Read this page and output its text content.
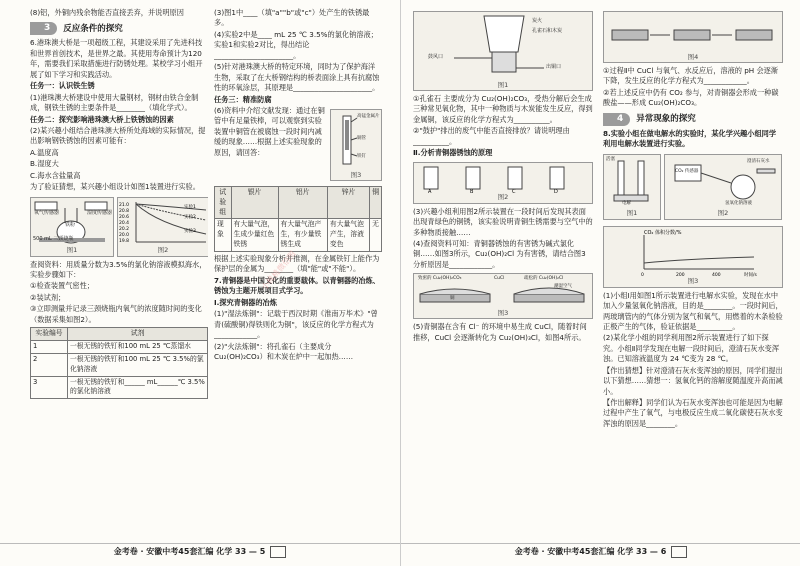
(8)铝，外铜内残余物能否直接丢弃，并说明原因

3	反应条件的探究

6.港珠澳大桥是一项超级工程，其建设采用了先进科技和世界首创技术，是世界之最。其使用寿命预计为120年，需要我们采取措施进行防锈处理。某校学习小组开展了如下学习和实践活动。

任务一：认识铁生锈

(1)港珠澳大桥建设中使用大量钢材，钢材由铁合金制成，钢铁生锈的主要条件是________（填化学式）。

任务二：探究影响港珠澳大桥上铁锈蚀的因素

(2)某兴趣小组结合港珠澳大桥所处海域的实际情况，提出影响钢铁锈蚀的因素可能有：

A.温度高

B.湿度大

C.海水含盐量高

为了验证猜想，某兴趣小组设计如图1装置进行实验。

氧气传感器
500 mL 三颈烧瓶
湿度传感器
铁粉
图1
21.0
20.8
20.6
20.4
20.2
20.0
19.8
实验1
实验2
实验3
图2

查阅资料：用质量分数为3.5%的氯化钠溶液模拟海水，实验步骤如下：

①检查装置气密性；

②装试剂；

③立即测量并记录三颈烧瓶内氧气的浓度随时间的变化（数据采集如图2）。

实验编号	试剂
1	一根无锈的铁钉和100 mL 25 ℃蒸馏水
2	一根无锈的铁钉和100 mL 25 ℃ 3.5%的氯化钠溶液
3	一根无锈的铁钉和______ mL______℃ 3.5%的氯化钠溶液

(3)图1中____（填"a""b"或"c"）处产生的铁锈最多。

(4)实验2中是____ mL 25 ℃ 3.5%的氯化钠溶液；实验1和实验2对比，得出结论______________________。

(5)针对港珠澳大桥的特定环境，同时为了保护海洋生物，采取了在大桥钢结构的桥表面涂上具有抗腐蚀性的环氧涂层，其原理是______________________。

任务三：精准防腐

(6)资料中介绍文献发现：通过在铜管中有足量铁棒，可以观察到实验装置中铜管在被腐蚀一段时间内减缓的现象……根据上述实验现象的原因，请回答：

高锰金属片
铜管
铁钉
图3
试验组	银片	铝片	锌片	铜
现象	有大量气泡，生成少量红色铁锈	有大量气泡产生，有少量铁锈生成	有大量气泡产生，溶液变色	无

根据上述实验现象分析并推测，在金属铁钉上能作为保护层的金属为________（填"能"或"不能"）。

7.青铜器是中国文化的重要载体。以青铜器的冶炼、锈蚀为主题开展项目式学习。

Ⅰ.探究青铜器的冶炼

(1)"湿法炼铜"：记载于西汉时期《淮南万毕术》"曾青(硫酸铜)得铁则化为铜"，该反应的化学方程式为____________。

(2)"火法炼铜"：将孔雀石（主要成分 Cu₂(OH)₂CO₃）和木炭在炉中一起加热……

小桃桃微信图
金考卷 · 安徽中考45套汇编 化学 33 — 5
炭火
孔雀石和木炭
鼓风口
出铜口
图1

①孔雀石 主要成分为 Cu₂(OH)₂CO₃，受热分解后会生成三种常见氧化物，其中一种物质与木炭能发生反应，得到金属铜，该反应的化学方程式为__________。

②"鼓护"排出的废气中能否直接排放？请说明理由__________。

Ⅱ.分析青铜器锈蚀的原理

A	B	C	D
图2

(3)兴趣小组利用图2所示装置在一段时间后发现其表面出现青绿色的铜锈，该实验说明青铜生锈需要与空气中的多种物质接触……

(4)查阅资料可知：青铜器锈蚀的有害锈为碱式氯化铜……如图3所示，Cu₂(OH)₂Cl 为有害锈，请结合图3 分析原因是____________。

致密的 Cu₂(OH)₂CO₃	CuCl
铜
疏松的 Cu₂(OH)₂Cl
潮湿空气
图3

(5)青铜器在含有 Cl⁻ 的环境中易生成 CuCl，随着时间推移，CuCl 会逐渐转化为 Cu₂(OH)₃Cl，如图4所示。

图4

①过程Ⅱ中 CuCl 与氧气、水反应后，溶液的 pH 会逐渐下降，发生反应的化学方程式为____________。

②若上述反应中仍有 CO₂ 参与，对青铜器会形成一种碳酸盐——形成 Cu₂(OH)₂CO₃。

4	异常现象的探究

8.实验小组在做电解水的实验时，某化学兴趣小组同学利用电解水装置进行实验。

活塞
电解
图1
CO₂ 传感器
氢氧化钠溶液
澄清石灰水
图2
CO₂ 体积分数/%
0	200	400	时间/s
图3

(1)小组Ⅰ用如图1所示装置进行电解水实验，发现在水中加入少量氢氧化钠溶液，目的是________。一段时间后，两玻璃管内的气体分别为氢气和氧气，用燃着的木条检验正极产生的气体，验证依据是__________。

(2)某化学小组的同学利用图2所示装置进行了如下探究。小组Ⅱ同学发现在电解一段时间后，澄清石灰水变浑浊。已知溶液温度为 24 ℃变为 28 ℃。

【作出猜想】针对澄清石灰水变浑浊的原因，同学们提出以下猜想……猜想一：氢氧化钙的溶解度随温度升高而减小。

【作出解释】同学们认为石灰水变浑浊也可能是因为电解过程中产生了氧气，与电极反应生成二氧化碳使石灰水变浑浊的原因是________。

金考卷 · 安徽中考45套汇编 化学 33 — 6
